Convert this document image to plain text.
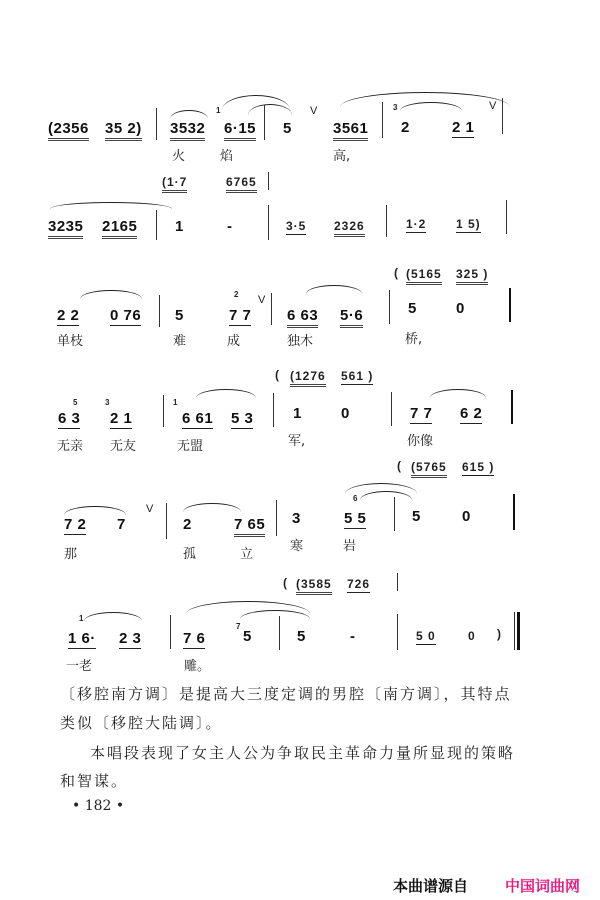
(2356 35 2) 3532
1
6·15
火	焰
5
V
3561
高,
3
2	2 1
V
(1·7	6765
3235 2165	1	-	3·5 2326	1·2 1 5)
( (5165 325 )
2 2 0 76
单枝
5
难
2
7 7
V
成
6 63 5·6
独木
5	0
桥,
( (1276 561 )
5
6 3
3
2 1
无亲 无友
1
6 61 5 3
无盟
1	0
军,
7 7 6 2
你像
( (5765 615 )
7 2 7
V
那
2	7 65
孤	立
3
6
5 5
寒	岩
5	0
( (3585 726
1
1 6· 2 3
一老
7 6
7
5
雕。
5	-	5 0	0 )
〔移腔南方调〕是提高大三度定调的男腔〔南方调〕，其特点
类似〔移腔大陆调〕。
本唱段表现了女主人公为争取民主革命力量所显现的策略
和智谋。
• 182 •
本曲谱源自 中国词曲网
